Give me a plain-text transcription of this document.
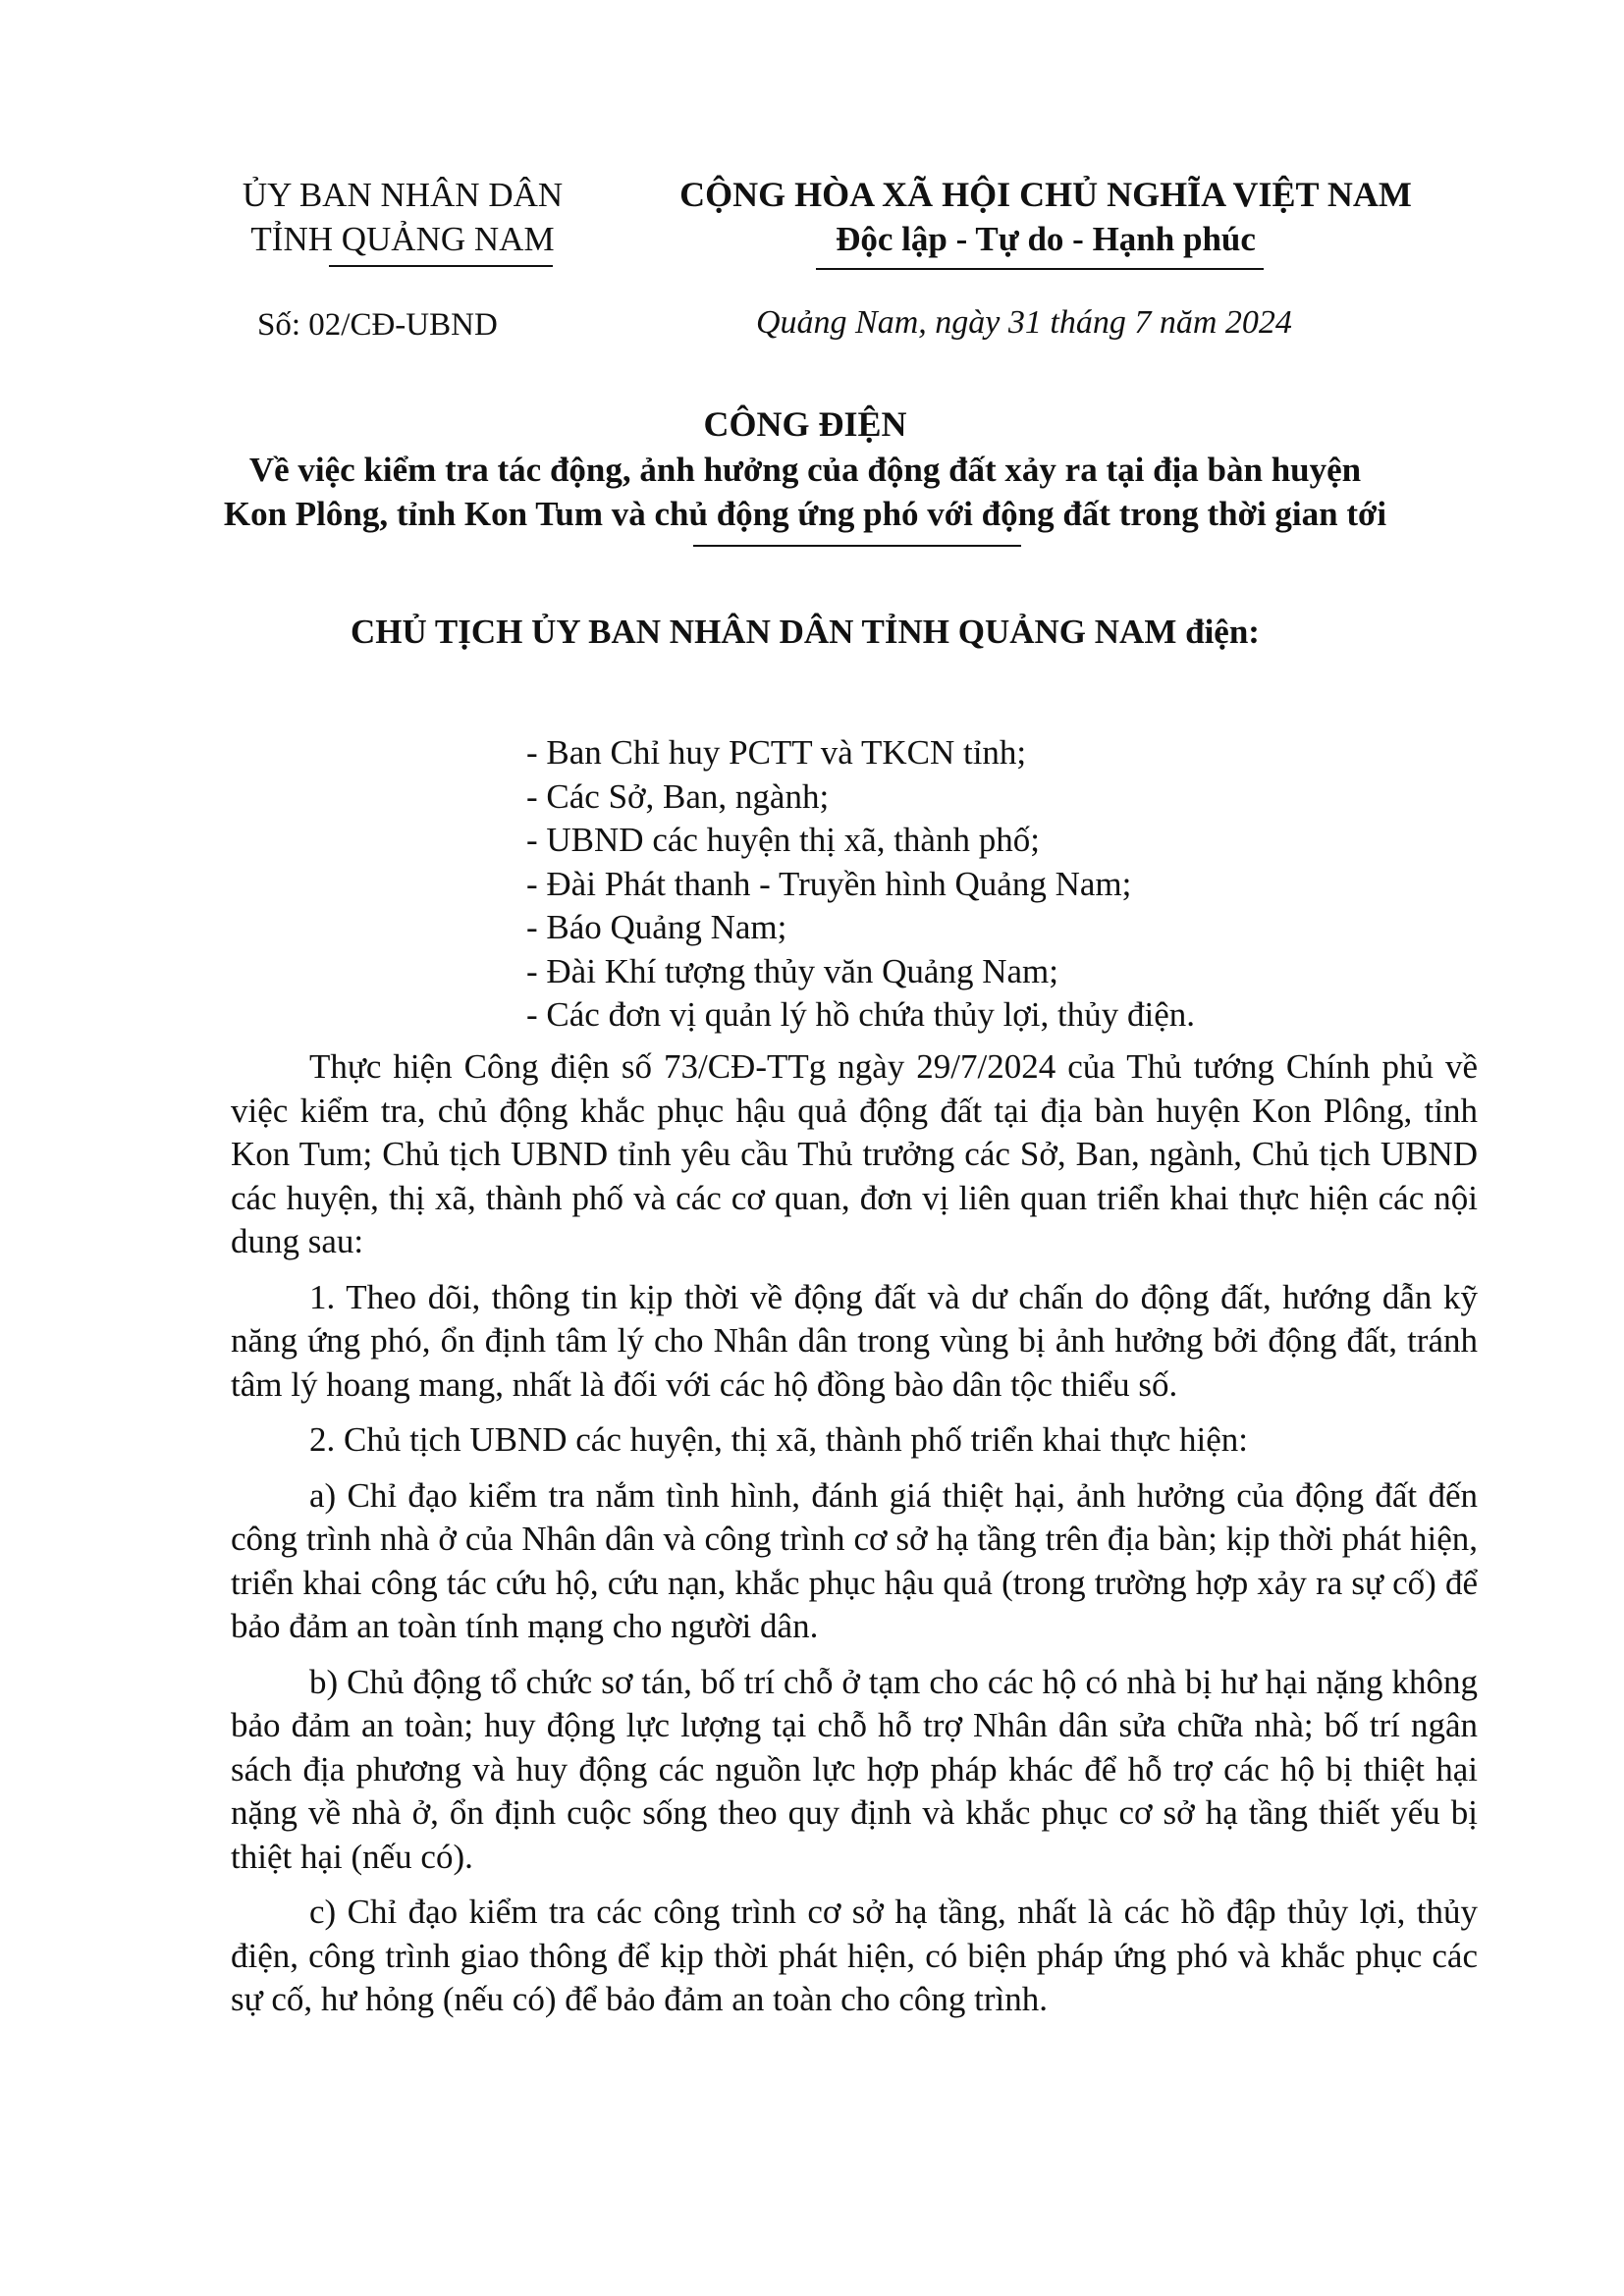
ỦY BAN NHÂN DÂN
TỈNH QUẢNG NAM
Số: 02/CĐ-UBND
CỘNG HÒA XÃ HỘI CHỦ NGHĨA VIỆT NAM
Độc lập - Tự do - Hạnh phúc
Quảng Nam, ngày 31 tháng 7 năm 2024
CÔNG ĐIỆN
Về việc kiểm tra tác động, ảnh hưởng của động đất xảy ra tại địa bàn huyện
Kon Plông, tỉnh Kon Tum và chủ động ứng phó với động đất trong thời gian tới
CHỦ TỊCH ỦY BAN NHÂN DÂN TỈNH QUẢNG NAM điện:
- Ban Chỉ huy PCTT và TKCN tỉnh;
- Các Sở, Ban, ngành;
- UBND các huyện thị xã, thành phố;
- Đài Phát thanh - Truyền hình Quảng Nam;
- Báo Quảng Nam;
- Đài Khí tượng thủy văn Quảng Nam;
- Các đơn vị quản lý hồ chứa thủy lợi, thủy điện.

Thực hiện Công điện số 73/CĐ-TTg ngày 29/7/2024 của Thủ tướng Chính phủ về việc kiểm tra, chủ động khắc phục hậu quả động đất tại địa bàn huyện Kon Plông, tỉnh Kon Tum; Chủ tịch UBND tỉnh yêu cầu Thủ trưởng các Sở, Ban, ngành, Chủ tịch UBND các huyện, thị xã, thành phố và các cơ quan, đơn vị liên quan triển khai thực hiện các nội dung sau:

1. Theo dõi, thông tin kịp thời về động đất và dư chấn do động đất, hướng dẫn kỹ năng ứng phó, ổn định tâm lý cho Nhân dân trong vùng bị ảnh hưởng bởi động đất, tránh tâm lý hoang mang, nhất là đối với các hộ đồng bào dân tộc thiểu số.

2. Chủ tịch UBND các huyện, thị xã, thành phố triển khai thực hiện:

a) Chỉ đạo kiểm tra nắm tình hình, đánh giá thiệt hại, ảnh hưởng của động đất đến công trình nhà ở của Nhân dân và công trình cơ sở hạ tầng trên địa bàn; kịp thời phát hiện, triển khai công tác cứu hộ, cứu nạn, khắc phục hậu quả (trong trường hợp xảy ra sự cố) để bảo đảm an toàn tính mạng cho người dân.

b) Chủ động tổ chức sơ tán, bố trí chỗ ở tạm cho các hộ có nhà bị hư hại nặng không bảo đảm an toàn; huy động lực lượng tại chỗ hỗ trợ Nhân dân sửa chữa nhà; bố trí ngân sách địa phương và huy động các nguồn lực hợp pháp khác để hỗ trợ các hộ bị thiệt hại nặng về nhà ở, ổn định cuộc sống theo quy định và khắc phục cơ sở hạ tầng thiết yếu bị thiệt hại (nếu có).

c) Chỉ đạo kiểm tra các công trình cơ sở hạ tầng, nhất là các hồ đập thủy lợi, thủy điện, công trình giao thông để kịp thời phát hiện, có biện pháp ứng phó và khắc phục các sự cố, hư hỏng (nếu có) để bảo đảm an toàn cho công trình.
